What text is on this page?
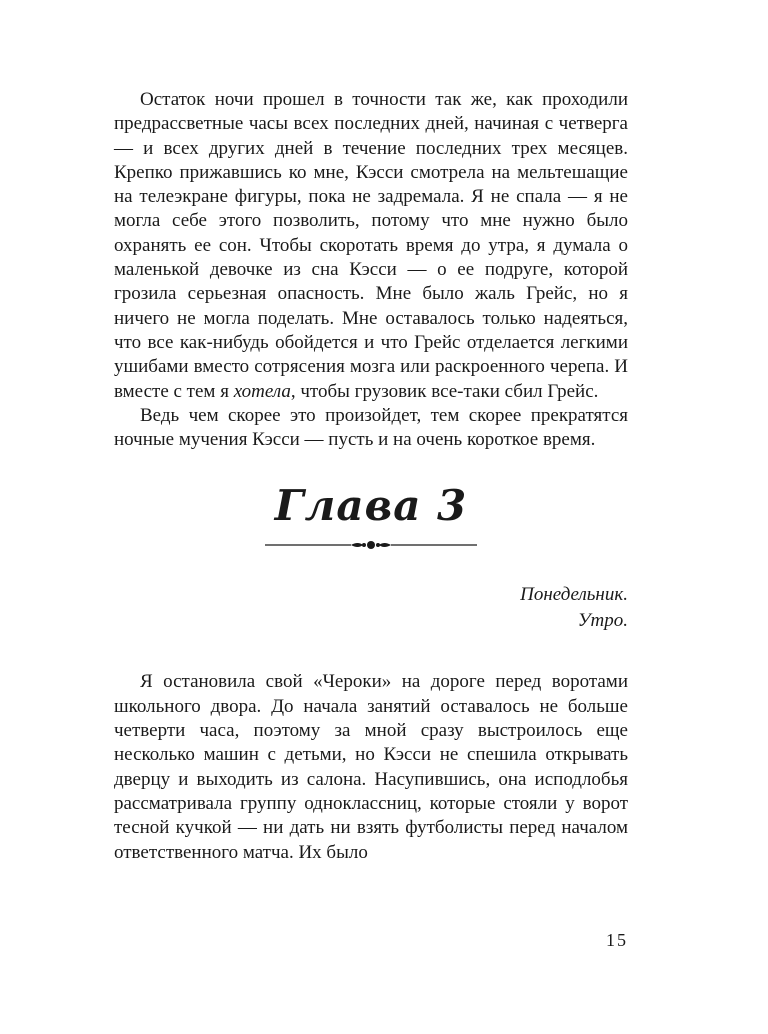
Остаток ночи прошел в точности так же, как проходили предрассветные часы всех последних дней, начиная с четверга — и всех других дней в течение последних трех месяцев. Крепко прижавшись ко мне, Кэсси смотрела на мельтешащие на телеэкране фигуры, пока не задремала. Я не спала — я не могла себе этого позволить, потому что мне нужно было охранять ее сон. Чтобы скоротать время до утра, я думала о маленькой девочке из сна Кэсси — о ее подруге, которой грозила серьезная опасность. Мне было жаль Грейс, но я ничего не могла поделать. Мне оставалось только надеяться, что все как-нибудь обойдется и что Грейс отделается легкими ушибами вместо сотрясения мозга или раскроенного черепа. И вместе с тем я хотела, чтобы грузовик все-таки сбил Грейс.

Ведь чем скорее это произойдет, тем скорее прекратятся ночные мучения Кэсси — пусть и на очень короткое время.

Глава 3
Понедельник.
Утро.

Я остановила свой «Чероки» на дороге перед воротами школьного двора. До начала занятий оставалось не больше четверти часа, поэтому за мной сразу выстроилось еще несколько машин с детьми, но Кэсси не спешила открывать дверцу и выходить из салона. Насупившись, она исподлобья рассматривала группу одноклассниц, которые стояли у ворот тесной кучкой — ни дать ни взять футболисты перед началом ответственного матча. Их было

15
